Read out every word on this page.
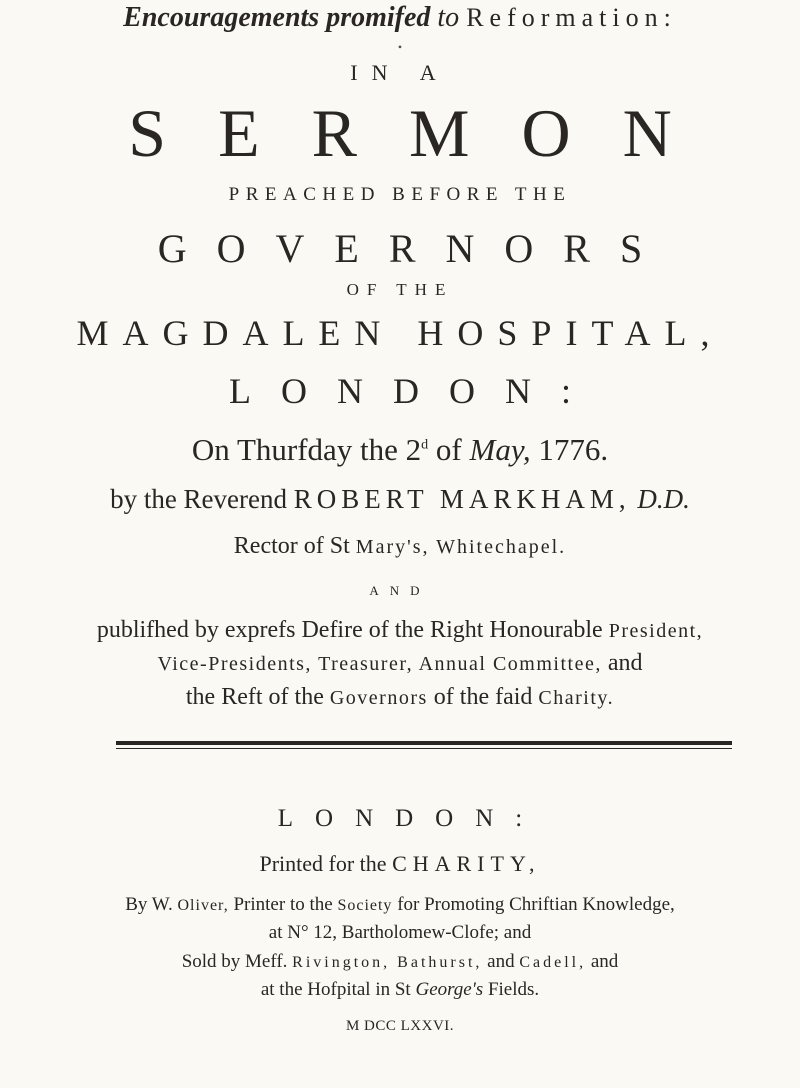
Encouragements promifed to Reformation:
•
IN A
SERMON
PREACHED BEFORE THE
GOVERNORS
OF THE
MAGDALEN HOSPITAL,
LONDON:
On Thurfday the 2$^d$ of May, 1776.
by the Reverend ROBERT MARKHAM, D.D.
Rector of St Mary's, Whitechapel.
AND
publifhed by exprefs Defire of the Right Honourable President,
Vice-Presidents, Treasurer, Annual Committee, and
the Reft of the Governors of the faid Charity.
LONDON:
Printed for the CHARITY,
By W. Oliver, Printer to the Society for Promoting Chriftian Knowledge,
at N° 12, Bartholomew-Clofe; and
Sold by Meff. Rivington, Bathurst, and Cadell, and
at the Hofpital in St George's Fields.
M DCC LXXVI.
